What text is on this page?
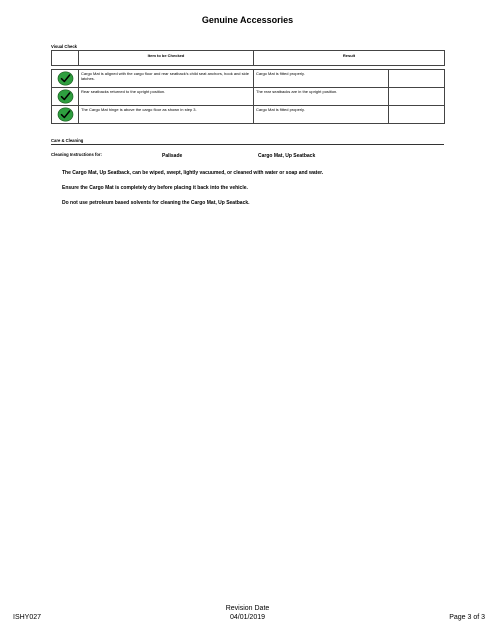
Genuine Accessories
Visual Check
	Item to be Checked	Result	

	Cargo Mat is aligned with the cargo floor and rear seatback's child seat anchors, hook and side latches.	Cargo Mat is fitted properly.	
	Rear seatbacks returned to the upright position.	The rear seatbacks are in the upright position.	
	The Cargo Mat hinge is above the cargo floor as shown in step 3.	Cargo Mat is fitted properly.	
Care & Cleaning
Cleaning Instructions for:	Palisade	Cargo Mat, Up Seatback
The Cargo Mat, Up Seatback, can be wiped, swept, lightly vacuumed, or cleaned with water or soap and water.
Ensure the Cargo Mat is completely dry before placing it back into the vehicle.
Do not use petroleum based solvents for cleaning the Cargo Mat, Up Seatback.
ISHY027
Revision Date
04/01/2019	Page 3 of 3
